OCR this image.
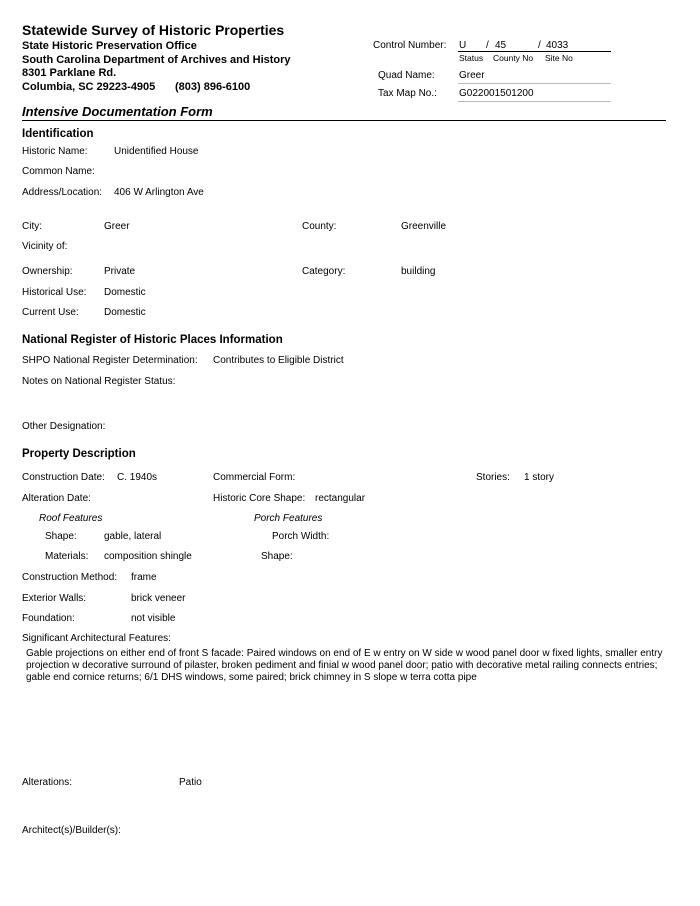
Statewide Survey of Historic Properties
State Historic Preservation Office
South Carolina Department of Archives and History
8301 Parklane Rd.
Columbia, SC 29223-4905 (803) 896-6100
Control Number: U / 45	/ 4033
Status County No Site No
Quad Name: Greer
Tax Map No.: G022001501200
Intensive Documentation Form
Identification
Historic Name:	Unidentified House
Common Name:
Address/Location: 406 W Arlington Ave
City:	Greer	County:	Greenville
Vicinity of:
Ownership:	Private	Category:	building
Historical Use: Domestic
Current Use:	Domestic
National Register of Historic Places Information
SHPO National Register Determination: Contributes to Eligible District
Notes on National Register Status:
Other Designation:
Property Description
Construction Date: C. 1940s	Commercial Form:	Stories: 1 story
Alteration Date:	Historic Core Shape: rectangular
Roof Features	Porch Features
Shape:	gable, lateral	Porch Width:
Materials: composition shingle	Shape:
Construction Method: frame
Exterior Walls:	brick veneer
Foundation:	not visible
Significant Architectural Features:
Gable projections on either end of front S facade: Paired windows on end of E w entry on W side w wood panel door w fixed lights, smaller entry projection w decorative surround of pilaster, broken pediment and finial w wood panel door; patio with decorative metal railing connects entries; gable end cornice returns; 6/1 DHS windows, some paired; brick chimney in S slope w terra cotta pipe
Alterations:	Patio
Architect(s)/Builder(s):
